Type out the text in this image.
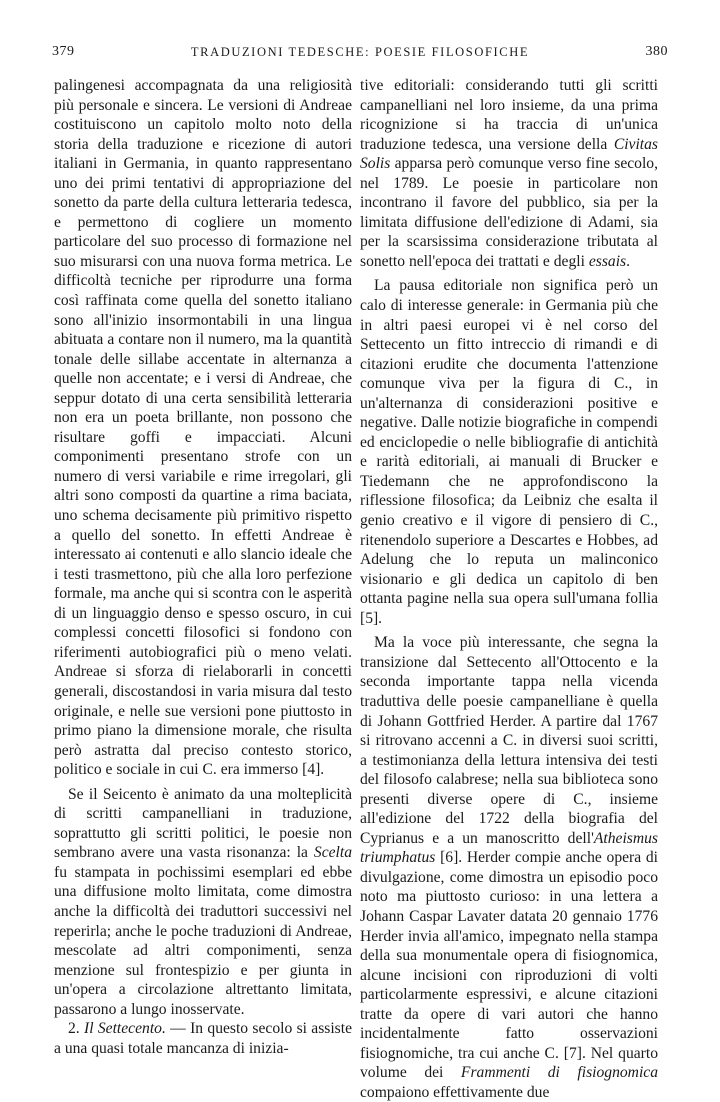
379	TRADUZIONI TEDESCHE: POESIE FILOSOFICHE	380

palingenesi accompagnata da una religiosità più personale e sincera. Le versioni di Andreae costituiscono un capitolo molto noto della storia della traduzione e ricezione di autori italiani in Germania, in quanto rappresentano uno dei primi tentativi di appropriazione del sonetto da parte della cultura letteraria tedesca, e permettono di cogliere un momento particolare del suo processo di formazione nel suo misurarsi con una nuova forma metrica. Le difficoltà tecniche per riprodurre una forma così raffinata come quella del sonetto italiano sono all'inizio insormontabili in una lingua abituata a contare non il numero, ma la quantità tonale delle sillabe accentate in alternanza a quelle non accentate; e i versi di Andreae, che seppur dotato di una certa sensibilità letteraria non era un poeta brillante, non possono che risultare goffi e impacciati. Alcuni componimenti presentano strofe con un numero di versi variabile e rime irregolari, gli altri sono composti da quartine a rima baciata, uno schema decisamente più primitivo rispetto a quello del sonetto. In effetti Andreae è interessato ai contenuti e allo slancio ideale che i testi trasmettono, più che alla loro perfezione formale, ma anche qui si scontra con le asperità di un linguaggio denso e spesso oscuro, in cui complessi concetti filosofici si fondono con riferimenti autobiografici più o meno velati. Andreae si sforza di rielaborarli in concetti generali, discostandosi in varia misura dal testo originale, e nelle sue versioni pone piuttosto in primo piano la dimensione morale, che risulta però astratta dal preciso contesto storico, politico e sociale in cui C. era immerso [4].

Se il Seicento è animato da una molteplicità di scritti campanelliani in traduzione, soprattutto gli scritti politici, le poesie non sembrano avere una vasta risonanza: la Scelta fu stampata in pochissimi esemplari ed ebbe una diffusione molto limitata, come dimostra anche la difficoltà dei traduttori successivi nel reperirla; anche le poche traduzioni di Andreae, mescolate ad altri componimenti, senza menzione sul frontespizio e per giunta in un'opera a circolazione altrettanto limitata, passarono a lungo inosservate.

2. Il Settecento. — In questo secolo si assiste a una quasi totale mancanza di inizia-

tive editoriali: considerando tutti gli scritti campanelliani nel loro insieme, da una prima ricognizione si ha traccia di un'unica traduzione tedesca, una versione della Civitas Solis apparsa però comunque verso fine secolo, nel 1789. Le poesie in particolare non incontrano il favore del pubblico, sia per la limitata diffusione dell'edizione di Adami, sia per la scarsissima considerazione tributata al sonetto nell'epoca dei trattati e degli essais.

La pausa editoriale non significa però un calo di interesse generale: in Germania più che in altri paesi europei vi è nel corso del Settecento un fitto intreccio di rimandi e di citazioni erudite che documenta l'attenzione comunque viva per la figura di C., in un'alternanza di considerazioni positive e negative. Dalle notizie biografiche in compendi ed enciclopedie o nelle bibliografie di antichità e rarità editoriali, ai manuali di Brucker e Tiedemann che ne approfondiscono la riflessione filosofica; da Leibniz che esalta il genio creativo e il vigore di pensiero di C., ritenendolo superiore a Descartes e Hobbes, ad Adelung che lo reputa un malinconico visionario e gli dedica un capitolo di ben ottanta pagine nella sua opera sull'umana follia [5].

Ma la voce più interessante, che segna la transizione dal Settecento all'Ottocento e la seconda importante tappa nella vicenda traduttiva delle poesie campanelliane è quella di Johann Gottfried Herder. A partire dal 1767 si ritrovano accenni a C. in diversi suoi scritti, a testimonianza della lettura intensiva dei testi del filosofo calabrese; nella sua biblioteca sono presenti diverse opere di C., insieme all'edizione del 1722 della biografia del Cyprianus e a un manoscritto dell'Atheismus triumphatus [6]. Herder compie anche opera di divulgazione, come dimostra un episodio poco noto ma piuttosto curioso: in una lettera a Johann Caspar Lavater datata 20 gennaio 1776 Herder invia all'amico, impegnato nella stampa della sua monumentale opera di fisiognomica, alcune incisioni con riproduzioni di volti particolarmente espressivi, e alcune citazioni tratte da opere di vari autori che hanno incidentalmente fatto osservazioni fisiognomiche, tra cui anche C. [7]. Nel quarto volume dei Frammenti di fisiognomica compaiono effettivamente due
